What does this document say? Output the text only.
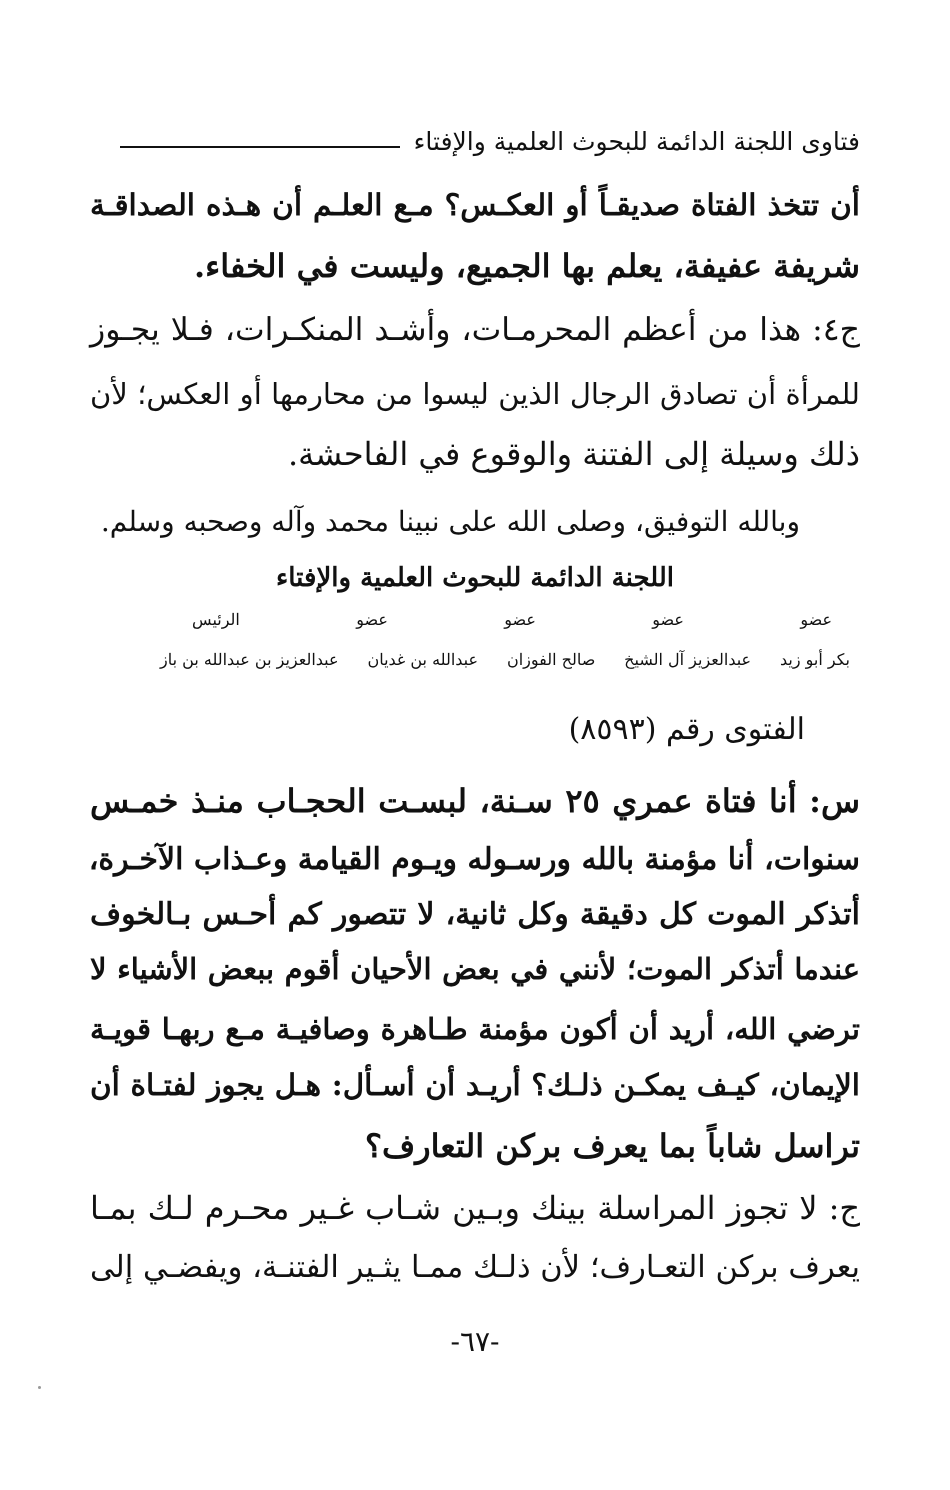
فتاوى اللجنة الدائمة للبحوث العلمية والإفتاء
أن تتخذ الفتاة صديقـاً أو العكـس؟ مـع العلـم أن هـذه الصداقـة
شريفة عفيفة، يعلم بها الجميع، وليست في الخفاء.
ج٤: هذا من أعظم المحرمـات، وأشـد المنكـرات، فـلا يجـوز
للمرأة أن تصادق الرجال الذين ليسوا من محارمها أو العكس؛ لأن
ذلك وسيلة إلى الفتنة والوقوع في الفاحشة.
وبالله التوفيق، وصلى الله على نبينا محمد وآله وصحبه وسلم.
اللجنة الدائمة للبحوث العلمية والإفتاء
عضو
عضو
عضو
عضو
الرئيس
بكر أبو زيد
عبدالعزيز آل الشيخ
صالح الفوزان
عبدالله بن غديان
عبدالعزيز بن عبدالله بن باز
الفتوى رقم (٨٥٩٣)
س: أنا فتاة عمري ٢٥ سـنة، لبسـت الحجـاب منـذ خمـس
سنوات، أنا مؤمنة بالله ورسـوله ويـوم القيامة وعـذاب الآخـرة،
أتذكر الموت كل دقيقة وكل ثانية، لا تتصور كم أحـس بـالخوف
عندما أتذكر الموت؛ لأنني في بعض الأحيان أقوم ببعض الأشياء لا
ترضي الله، أريد أن أكون مؤمنة طـاهرة وصافيـة مـع ربهـا قويـة
الإيمان، كيـف يمكـن ذلـك؟ أريـد أن أسـأل: هـل يجوز لفتـاة أن
تراسل شاباً بما يعرف بركن التعارف؟
ج: لا تجوز المراسلة بينك وبـين شـاب غـير محـرم لـك بمـا
يعرف بركن التعـارف؛ لأن ذلـك ممـا يثـير الفتنـة، ويفضـي إلى
-٦٧-
